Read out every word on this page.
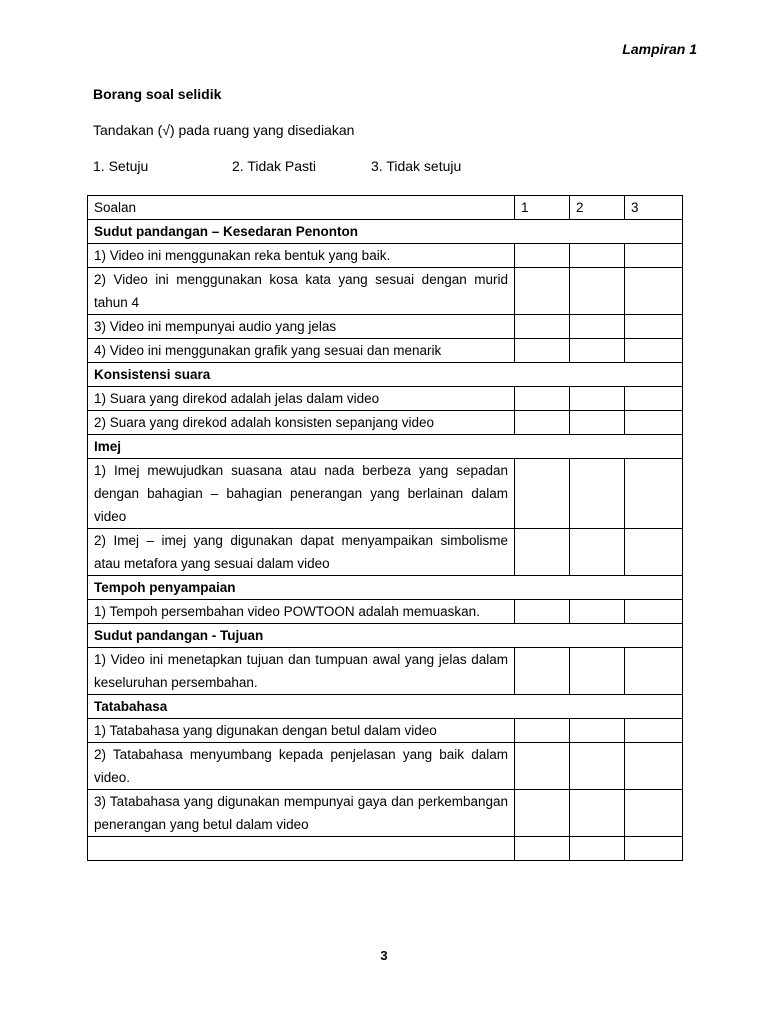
Lampiran 1
Borang soal selidik
Tandakan (√) pada ruang yang disediakan
1. Setuju	2. Tidak Pasti	3. Tidak setuju
Soalan	1	2	3
Sudut pandangan – Kesedaran Penonton			
1) Video ini menggunakan reka bentuk yang baik.			
2) Video ini menggunakan kosa kata yang sesuai dengan murid tahun 4			
3) Video ini mempunyai audio yang jelas			
4) Video ini menggunakan grafik yang sesuai dan menarik			
Konsistensi suara			
1) Suara yang direkod adalah jelas dalam video			
2) Suara yang direkod adalah konsisten sepanjang video			
Imej			
1) Imej mewujudkan suasana atau nada berbeza yang sepadan dengan bahagian – bahagian penerangan yang berlainan dalam video			
2) Imej – imej yang digunakan dapat menyampaikan simbolisme atau metafora yang sesuai dalam video			
Tempoh penyampaian			
1) Tempoh persembahan video POWTOON adalah memuaskan.			
Sudut pandangan - Tujuan			
1) Video ini menetapkan tujuan dan tumpuan awal yang jelas dalam keseluruhan persembahan.			
Tatabahasa			
1) Tatabahasa yang digunakan dengan betul dalam video			
2) Tatabahasa menyumbang kepada penjelasan yang baik dalam video.			
3) Tatabahasa yang digunakan mempunyai gaya dan perkembangan penerangan yang betul dalam video			

3
